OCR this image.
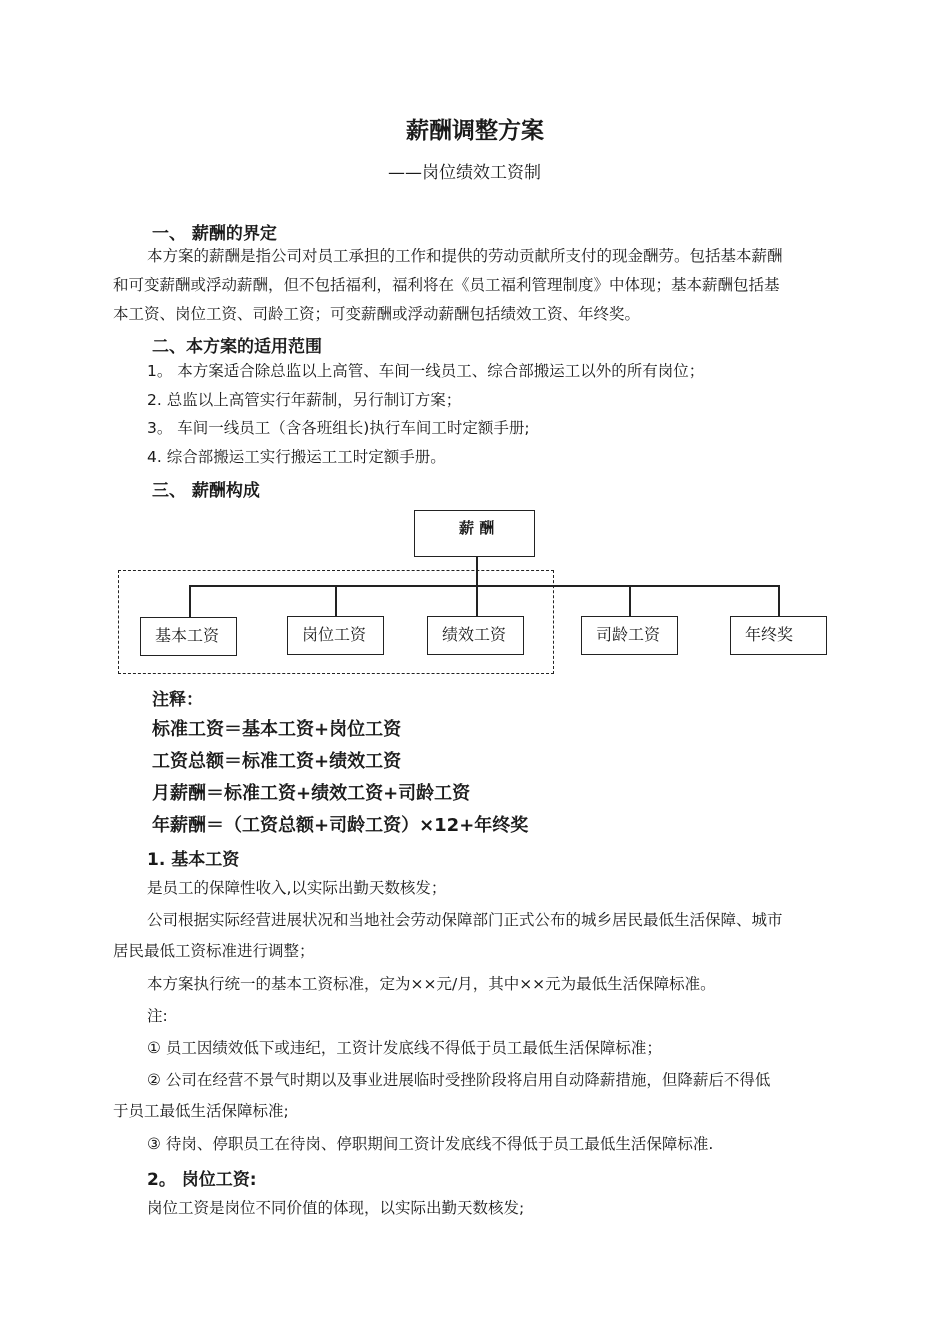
薪酬调整方案
——岗位绩效工资制
一、 薪酬的界定
本方案的薪酬是指公司对员工承担的工作和提供的劳动贡献所支付的现金酬劳。包括基本薪酬
和可变薪酬或浮动薪酬，但不包括福利，福利将在《员工福利管理制度》中体现；基本薪酬包括基
本工资、岗位工资、司龄工资；可变薪酬或浮动薪酬包括绩效工资、年终奖。
二、本方案的适用范围
1。 本方案适合除总监以上高管、车间一线员工、综合部搬运工以外的所有岗位；
2. 总监以上高管实行年薪制，另行制订方案；
3。 车间一线员工（含各班组长)执行车间工时定额手册;
4. 综合部搬运工实行搬运工工时定额手册。
三、 薪酬构成
薪 酬
基本工资	岗位工资	绩效工资	司龄工资	年终奖
注释：
标准工资＝基本工资+岗位工资
工资总额＝标准工资+绩效工资
月薪酬＝标准工资+绩效工资+司龄工资
年薪酬＝（工资总额+司龄工资）×12+年终奖
1. 基本工资
是员工的保障性收入,以实际出勤天数核发；
公司根据实际经营进展状况和当地社会劳动保障部门正式公布的城乡居民最低生活保障、城市
居民最低工资标准进行调整；
本方案执行统一的基本工资标准，定为××元/月，其中××元为最低生活保障标准。
注:
① 员工因绩效低下或违纪，工资计发底线不得低于员工最低生活保障标准；
② 公司在经营不景气时期以及事业进展临时受挫阶段将启用自动降薪措施，但降薪后不得低
于员工最低生活保障标准;
③ 待岗、停职员工在待岗、停职期间工资计发底线不得低于员工最低生活保障标准.
2。 岗位工资:
岗位工资是岗位不同价值的体现，以实际出勤天数核发;
